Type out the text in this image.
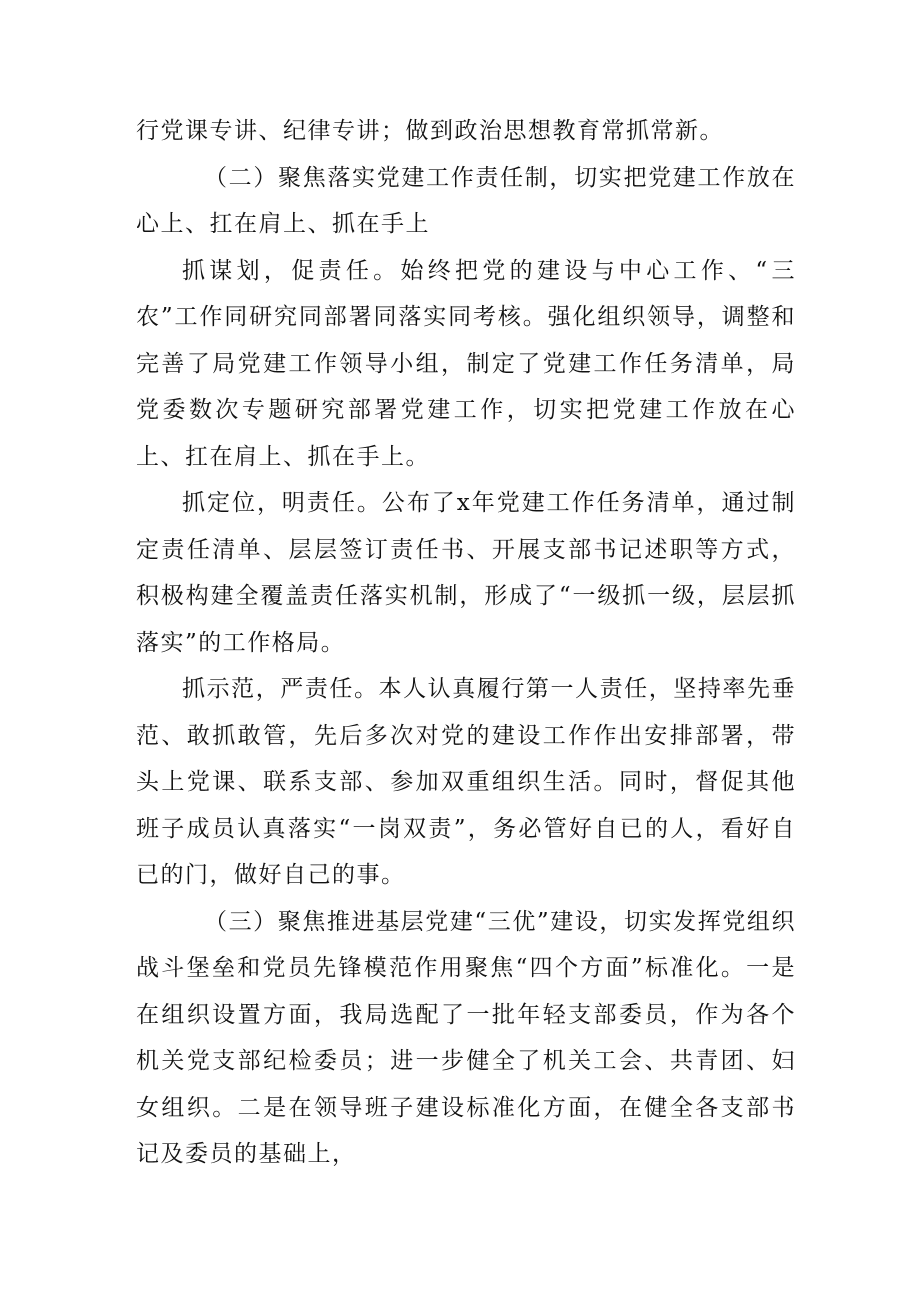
行党课专讲、纪律专讲；做到政治思想教育常抓常新。

（二）聚焦落实党建工作责任制，切实把党建工作放在心上、扛在肩上、抓在手上

抓谋划，促责任。始终把党的建设与中心工作、“三农”工作同研究同部署同落实同考核。强化组织领导，调整和完善了局党建工作领导小组，制定了党建工作任务清单，局党委数次专题研究部署党建工作，切实把党建工作放在心上、扛在肩上、抓在手上。

抓定位，明责任。公布了x年党建工作任务清单，通过制定责任清单、层层签订责任书、开展支部书记述职等方式，积极构建全覆盖责任落实机制，形成了“一级抓一级，层层抓落实”的工作格局。

抓示范，严责任。本人认真履行第一人责任，坚持率先垂范、敢抓敢管，先后多次对党的建设工作作出安排部署，带头上党课、联系支部、参加双重组织生活。同时，督促其他班子成员认真落实“一岗双责”，务必管好自已的人，看好自已的门，做好自己的事。

（三）聚焦推进基层党建“三优”建设，切实发挥党组织战斗堡垒和党员先锋模范作用聚焦“四个方面”标准化。一是在组织设置方面，我局选配了一批年轻支部委员，作为各个机关党支部纪检委员；进一步健全了机关工会、共青团、妇女组织。二是在领导班子建设标准化方面，在健全各支部书记及委员的基础上，
